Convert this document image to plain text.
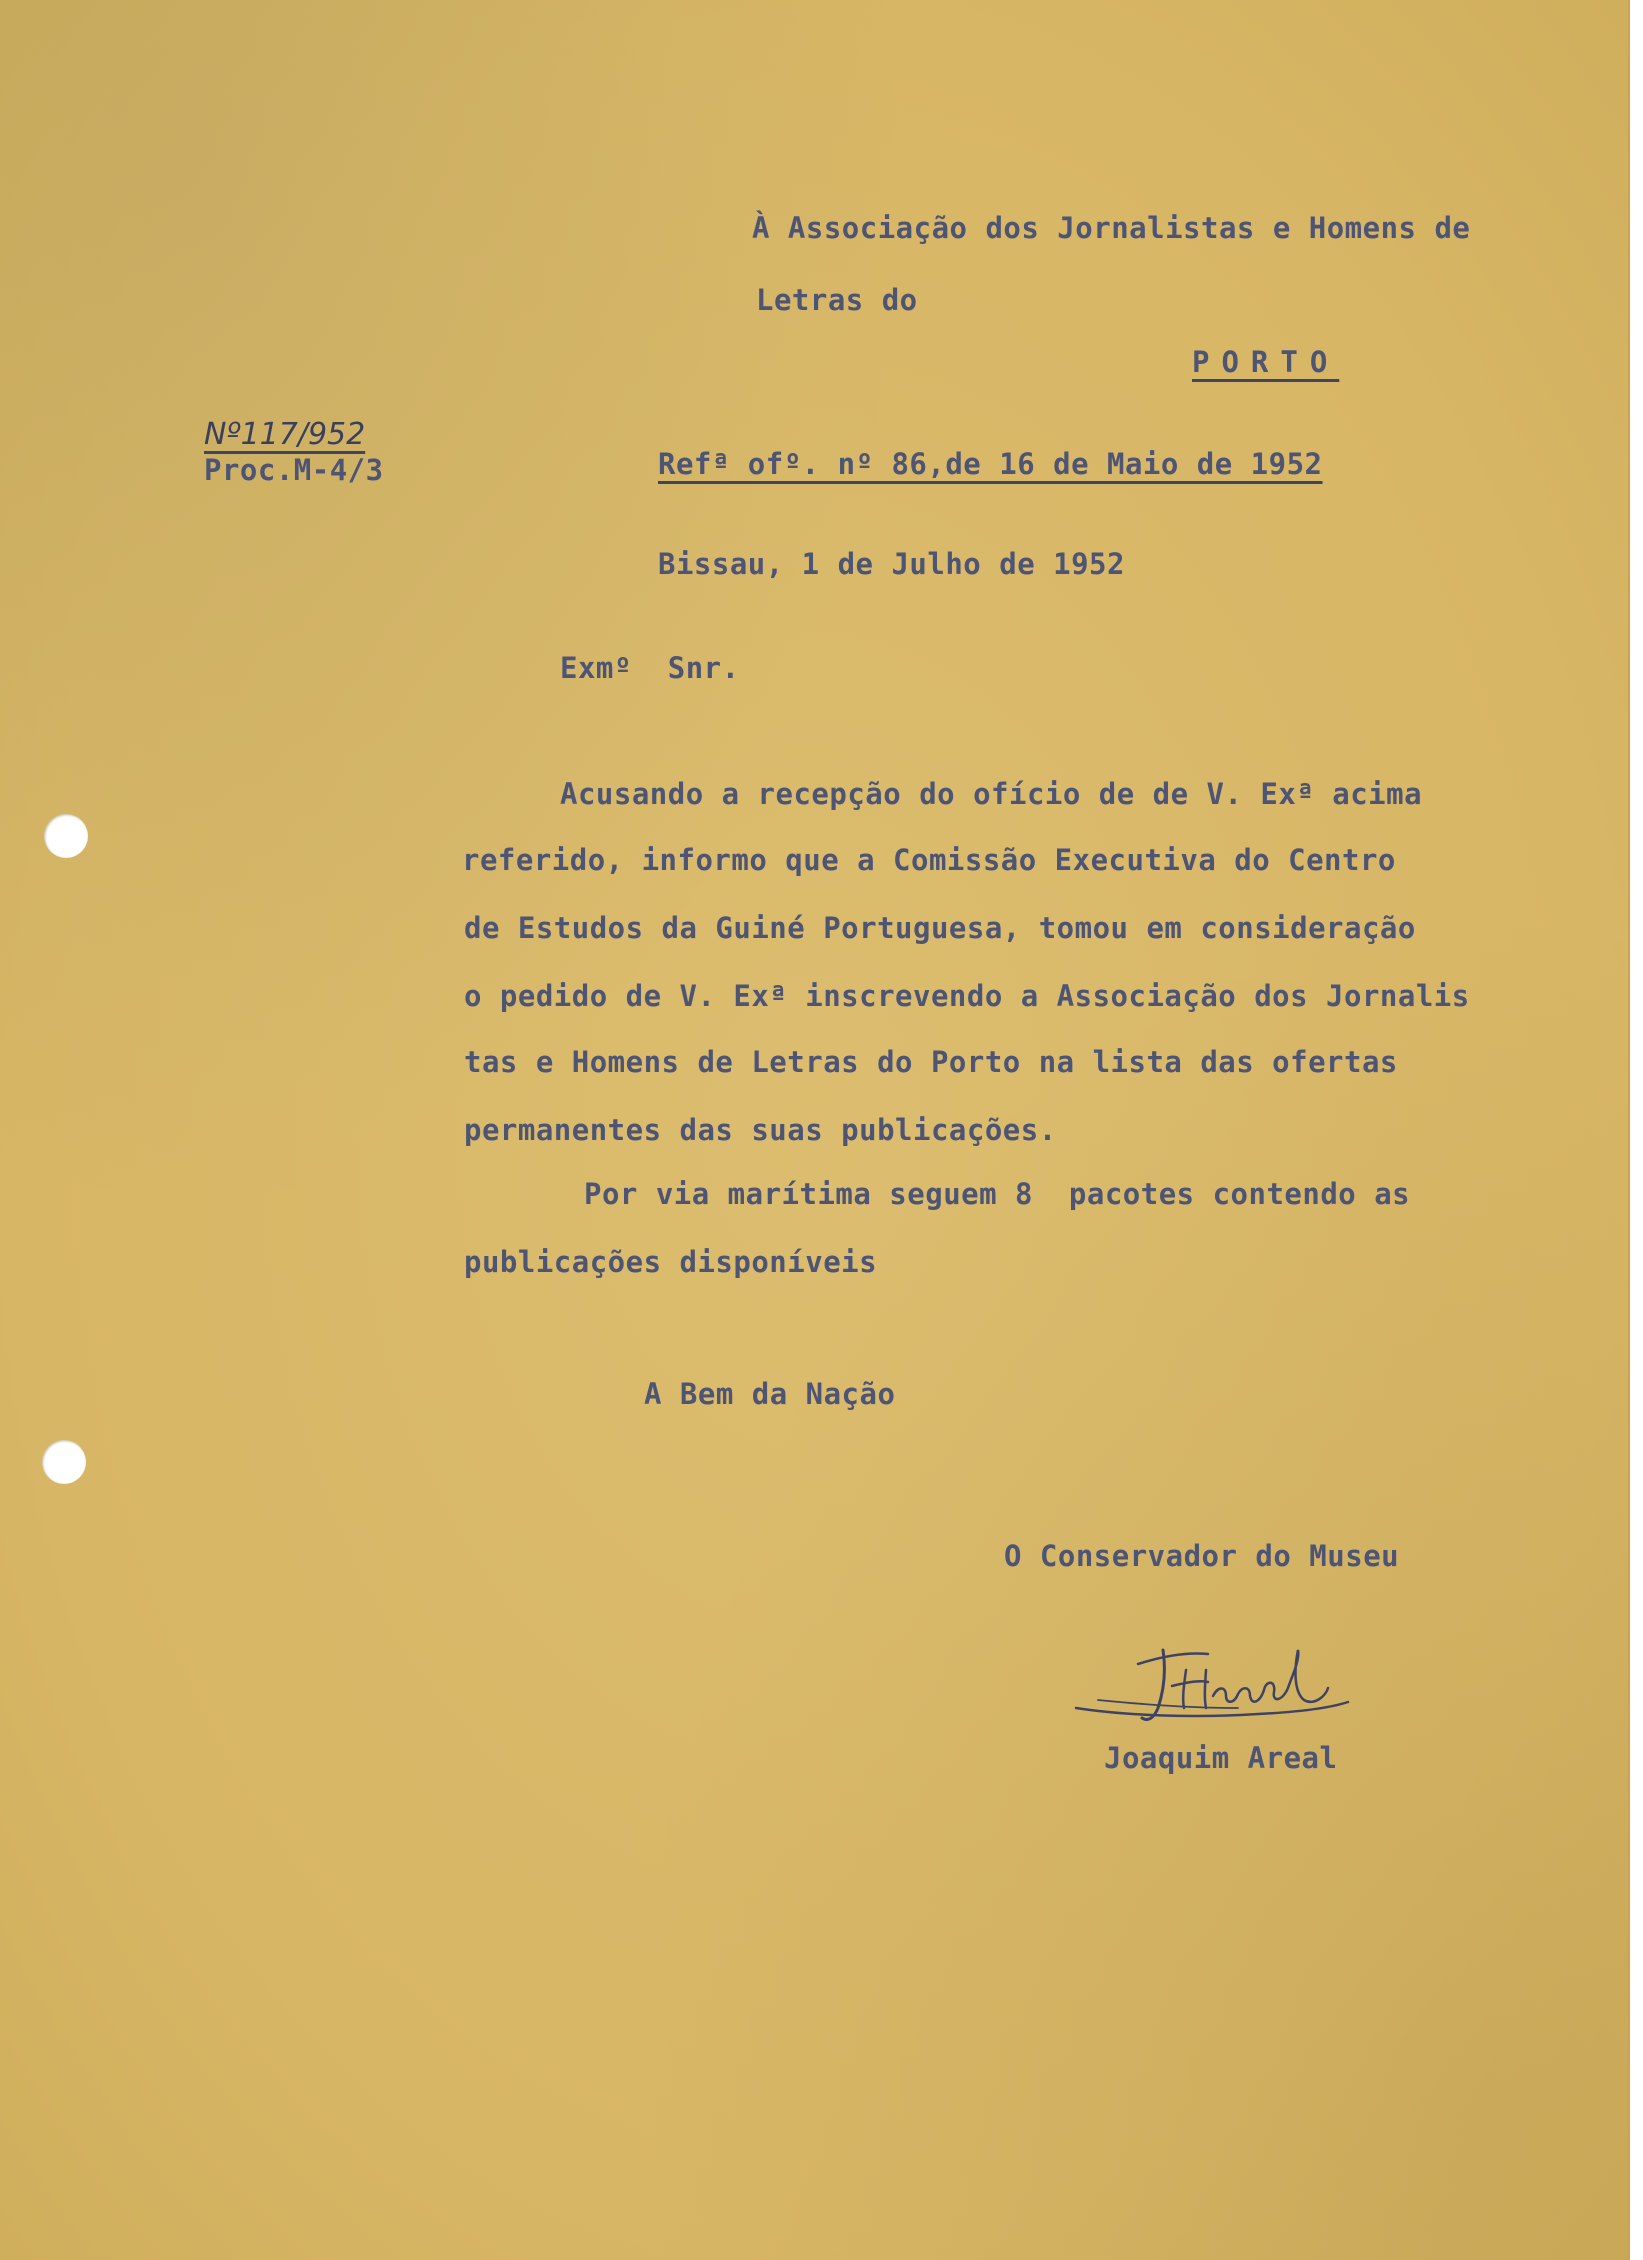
À Associação dos Jornalistas e Homens de

Letras do

PORTO

Nº117/952

Proc.M-4/3	Refª ofº. nº 86,de 16 de Maio de 1952

Bissau, 1 de Julho de 1952

Exmº  Snr.

Acusando a recepção do ofício de de V. Exª acima

referido, informo que a Comissão Executiva do Centro

de Estudos da Guiné Portuguesa, tomou em consideração

o pedido de V. Exª inscrevendo a Associação dos Jornalis

tas e Homens de Letras do Porto na lista das ofertas

permanentes das suas publicações.

Por via marítima seguem 8  pacotes contendo as

publicações disponíveis

A Bem da Nação

O Conservador do Museu

Joaquim Areal
